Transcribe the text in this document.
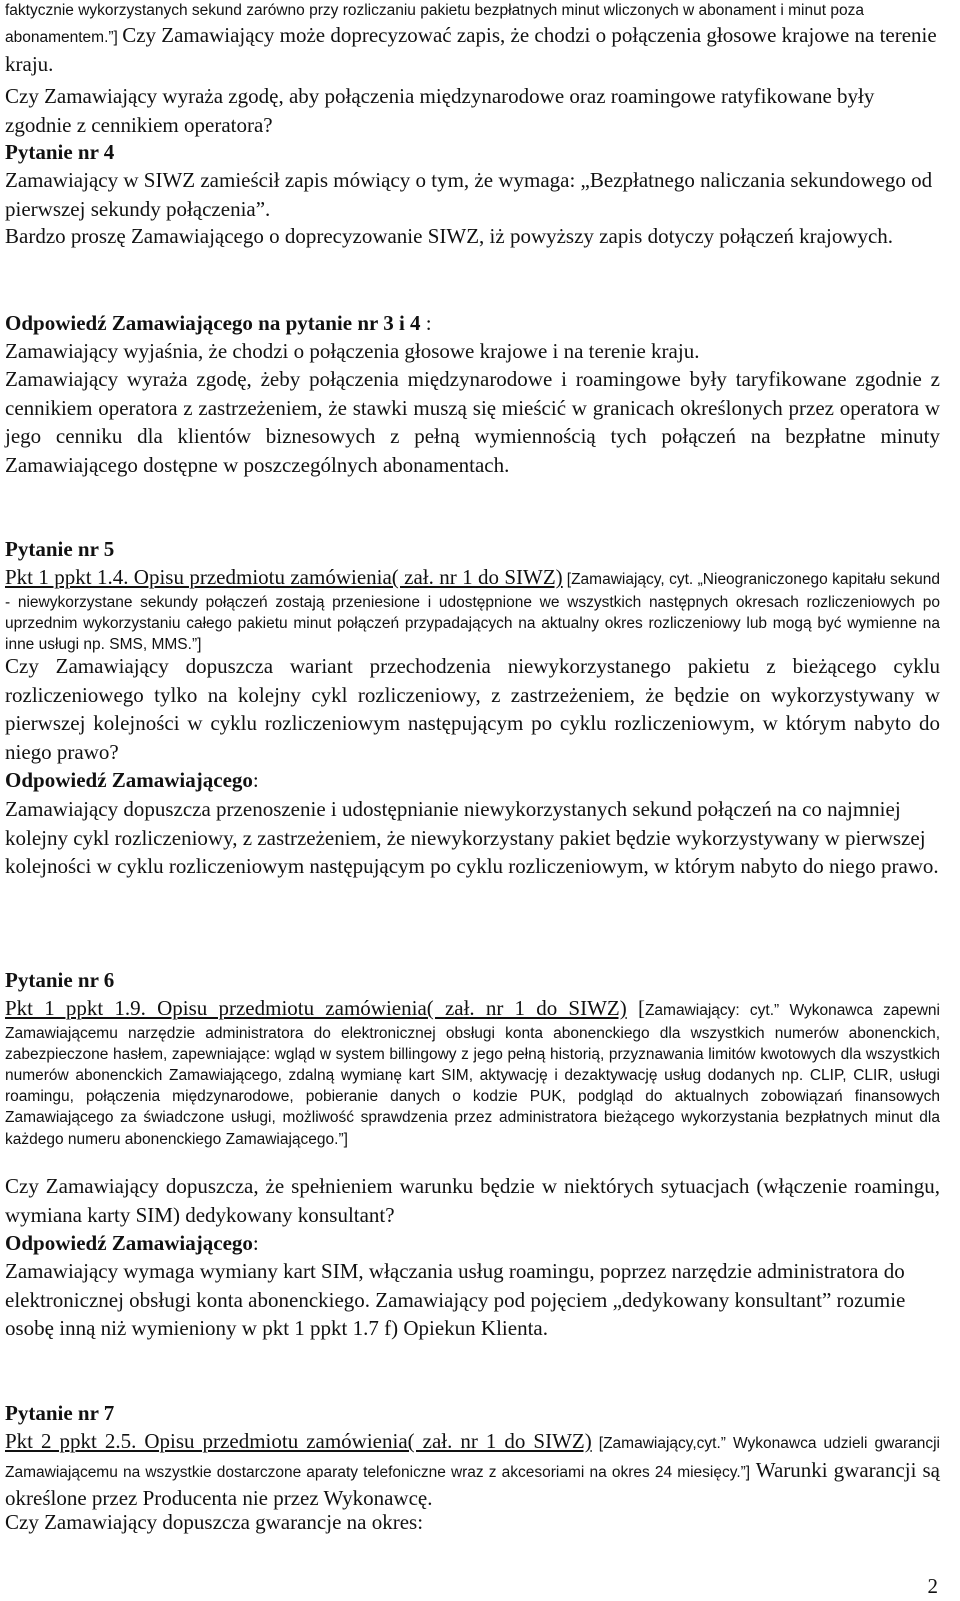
faktycznie wykorzystanych sekund zarówno przy rozliczaniu pakietu bezpłatnych minut wliczonych w abonament i minut poza abonamentem.”] Czy Zamawiający może doprecyzować zapis, że chodzi o połączenia głosowe krajowe na terenie kraju.

Czy Zamawiający wyraża zgodę, aby połączenia międzynarodowe oraz roamingowe ratyfikowane były zgodnie z cennikiem operatora?

Pytanie nr 4

Zamawiający w SIWZ zamieścił zapis mówiący o tym, że wymaga: „Bezpłatnego naliczania sekundowego od pierwszej sekundy połączenia”.

Bardzo proszę Zamawiającego o doprecyzowanie SIWZ, iż powyższy zapis dotyczy połączeń krajowych.

Odpowiedź Zamawiającego na pytanie nr 3 i 4 :

Zamawiający wyjaśnia, że chodzi o połączenia głosowe krajowe i na terenie kraju.

Zamawiający wyraża zgodę, żeby połączenia międzynarodowe i roamingowe były taryfikowane zgodnie z cennikiem operatora z zastrzeżeniem, że stawki muszą się mieścić w granicach określonych przez operatora w jego cenniku dla klientów biznesowych z pełną wymiennością tych połączeń na bezpłatne minuty Zamawiającego dostępne w poszczególnych abonamentach.

Pytanie nr 5

Pkt 1 ppkt 1.4. Opisu przedmiotu zamówienia( zał. nr 1 do SIWZ) [Zamawiający, cyt. „Nieograniczonego kapitału sekund - niewykorzystane sekundy połączeń zostają przeniesione i udostępnione we wszystkich następnych okresach rozliczeniowych po uprzednim wykorzystaniu całego pakietu minut połączeń przypadających na aktualny okres rozliczeniowy lub mogą być wymienne na inne usługi np. SMS, MMS.”]

Czy Zamawiający dopuszcza wariant przechodzenia niewykorzystanego pakietu z bieżącego cyklu rozliczeniowego tylko na kolejny cykl rozliczeniowy, z zastrzeżeniem, że będzie on wykorzystywany w pierwszej kolejności w cyklu rozliczeniowym następującym po cyklu rozliczeniowym, w którym nabyto do niego prawo?

Odpowiedź Zamawiającego:

Zamawiający dopuszcza przenoszenie i udostępnianie niewykorzystanych sekund połączeń na co najmniej kolejny cykl rozliczeniowy, z zastrzeżeniem, że niewykorzystany pakiet będzie wykorzystywany w pierwszej kolejności w cyklu rozliczeniowym następującym po cyklu rozliczeniowym, w którym nabyto do niego prawo.

Pytanie nr 6

Pkt 1 ppkt 1.9. Opisu przedmiotu zamówienia( zał. nr 1 do SIWZ) [Zamawiający: cyt.” Wykonawca zapewni Zamawiającemu narzędzie administratora do elektronicznej obsługi konta abonenckiego dla wszystkich numerów abonenckich, zabezpieczone hasłem, zapewniające: wgląd w system billingowy z jego pełną historią, przyznawania limitów kwotowych dla wszystkich numerów abonenckich Zamawiającego, zdalną wymianę kart SIM, aktywację i dezaktywację usług dodanych np. CLIP, CLIR, usługi roamingu, połączenia międzynarodowe, pobieranie danych o kodzie PUK, podgląd do aktualnych zobowiązań finansowych Zamawiającego za świadczone usługi, możliwość sprawdzenia przez administratora bieżącego wykorzystania bezpłatnych minut dla każdego numeru abonenckiego Zamawiającego.”]

Czy Zamawiający dopuszcza, że spełnieniem warunku będzie w niektórych sytuacjach (włączenie roamingu, wymiana karty SIM) dedykowany konsultant?

Odpowiedź Zamawiającego:

Zamawiający wymaga wymiany kart SIM, włączania usług roamingu, poprzez narzędzie administratora do elektronicznej obsługi konta abonenckiego. Zamawiający pod pojęciem „dedykowany konsultant” rozumie osobę inną niż wymieniony w pkt 1 ppkt 1.7 f) Opiekun Klienta.

Pytanie nr 7

Pkt 2 ppkt 2.5. Opisu przedmiotu zamówienia( zał. nr 1 do SIWZ) [Zamawiający,cyt.” Wykonawca udzieli gwarancji Zamawiającemu na wszystkie dostarczone aparaty telefoniczne wraz z akcesoriami na okres 24 miesięcy.”] Warunki gwarancji są określone przez Producenta nie przez Wykonawcę.

Czy Zamawiający dopuszcza gwarancje na okres:

2
